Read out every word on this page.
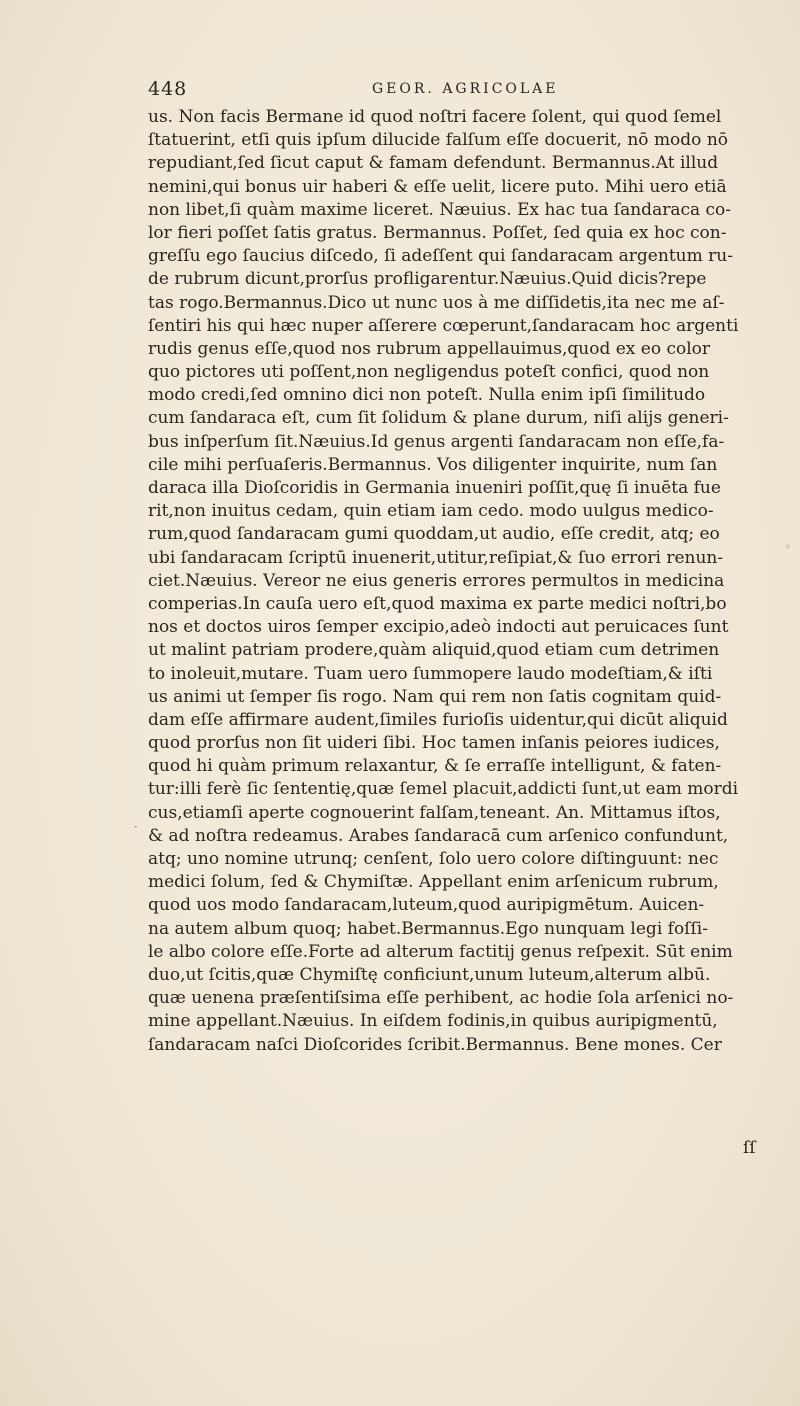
448	GEOR. AGRICOLAE
us. Non facis Bermane id quod noſtri facere ſolent, qui quod ſemel
ſtatuerint, etſi quis ipſum dilucide falſum eſſe docuerit, nō modo nō
repudiant,ſed ſicut caput & famam defendunt. Bermannus.At illud
nemini,qui bonus uir haberi & eſſe uelit, licere puto. Mihi uero etiā
non libet,ſi quàm maxime liceret. Næuius. Ex hac tua ſandaraca co-
lor fieri poſſet ſatis gratus. Bermannus. Poſſet, ſed quia ex hoc con-
greſſu ego ſaucius diſcedo, ſi adeſſent qui ſandaracam argentum ru-
de rubrum dicunt,prorſus profligarentur.Næuius.Quid dicis?repe
tas rogo.Bermannus.Dico ut nunc uos à me diſſidetis,ita nec me aſ-
ſentiri his qui hæc nuper aſſerere cœperunt,ſandaracam hoc argenti
rudis genus eſſe,quod nos rubrum appellauimus,quod ex eo color
quo pictores uti poſſent,non negligendus poteſt confici, quod non
modo credi,ſed omnino dici non poteſt. Nulla enim ipſi ſimilitudo
cum ſandaraca eſt, cum ſit ſolidum & plane durum, niſi alijs generi-
bus inſperſum ſit.Næuius.Id genus argenti ſandaracam non eſſe,fa-
cile mihi perſuaſeris.Bermannus. Vos diligenter inquirite, num ſan
daraca illa Dioſcoridis in Germania inueniri poſſit,quę ſi inuēta fue
rit,non inuitus cedam, quin etiam iam cedo. modo uulgus medico-
rum,quod ſandaracam gumi quoddam,ut audio, eſſe credit, atq; eo
ubi ſandaracam ſcriptū inuenerit,utitur,reſipiat,& ſuo errori renun-
ciet.Næuius. Vereor ne eius generis errores permultos in medicina
comperias.In cauſa uero eſt,quod maxima ex parte medici noſtri,bo
nos et doctos uiros ſemper excipio,adeò indocti aut peruicaces ſunt
ut malint patriam prodere,quàm aliquid,quod etiam cum detrimen
to inoleuit,mutare. Tuam uero ſummopere laudo modeſtiam,& iſti
us animi ut ſemper ſis rogo. Nam qui rem non ſatis cognitam quid-
dam eſſe affirmare audent,ſimiles furioſis uidentur,qui dicūt aliquid
quod prorſus non ſit uideri ſibi. Hoc tamen inſanis peiores iudices,
quod hi quàm primum relaxantur, & ſe erraſſe intelligunt, & faten-
tur:illi ferè ſic ſententię,quæ ſemel placuit,addicti ſunt,ut eam mordi
cus,etiamſi aperte cognouerint falſam,teneant. An. Mittamus iſtos,
& ad noſtra redeamus. Arabes ſandaracā cum arſenico confundunt,
atq; uno nomine utrunq; cenſent, ſolo uero colore diſtinguunt: nec
medici ſolum, ſed & Chymiſtæ. Appellant enim arſenicum rubrum,
quod uos modo ſandaracam,luteum,quod auripigmētum. Auicen-
na autem album quoq; habet.Bermannus.Ego nunquam legi foſſi-
le albo colore eſſe.Forte ad alterum factitij genus reſpexit. Sūt enim
duo,ut ſcitis,quæ Chymiſtę conficiunt,unum luteum,alterum albū.
quæ uenena præſentiſsima eſſe perhibent, ac hodie ſola arſenici no-
mine appellant.Næuius. In eiſdem fodinis,in quibus auripigmentū,
ſandaracam naſci Dioſcorides ſcribit.Bermannus. Bene mones. Cer
ſſ
◦
·
